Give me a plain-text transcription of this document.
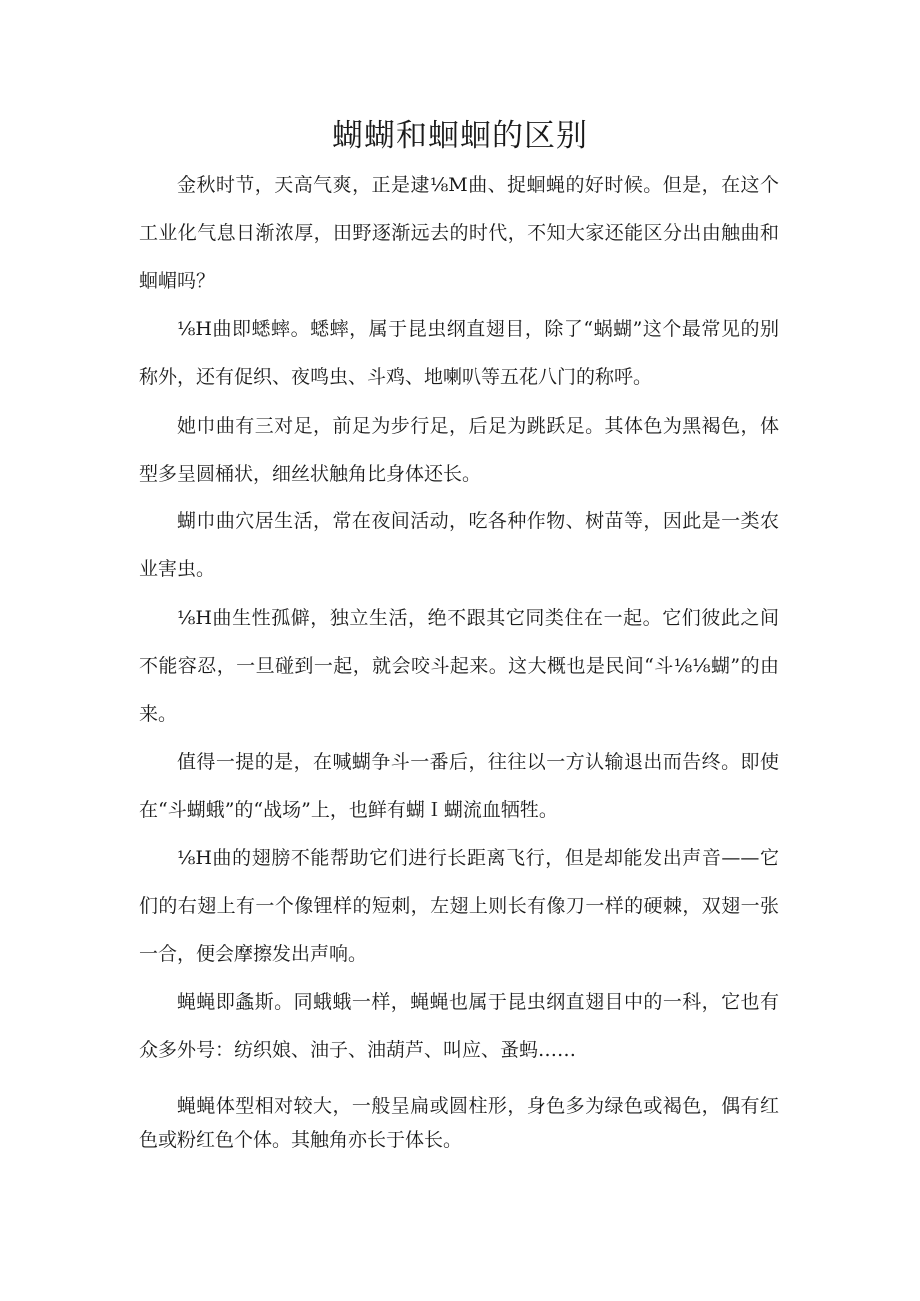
蝴蝴和蛔蛔的区别

金秋时节，天高气爽，正是逮⅛M曲、捉蛔蝇的好时候。但是，在这个工业化气息日渐浓厚，田野逐渐远去的时代，不知大家还能区分出由触曲和蛔嵋吗？

⅛H曲即蟋蟀。蟋蟀，属于昆虫纲直翅目，除了“蜗蝴”这个最常见的别称外，还有促织、夜鸣虫、斗鸡、地喇叭等五花八门的称呼。

她巾曲有三对足，前足为步行足，后足为跳跃足。其体色为黑褐色，体型多呈圆桶状，细丝状触角比身体还长。

蝴巾曲穴居生活，常在夜间活动，吃各种作物、树苗等，因此是一类农业害虫。

⅛H曲生性孤僻，独立生活，绝不跟其它同类住在一起。它们彼此之间不能容忍，一旦碰到一起，就会咬斗起来。这大概也是民间“斗⅛⅛蝴”的由来。

值得一提的是，在喊蝴争斗一番后，往往以一方认输退出而告终。即使在“斗蝴蛾”的“战场”上，也鲜有蝴Ｉ蝴流血牺牲。

⅛H曲的翅膀不能帮助它们进行长距离飞行，但是却能发出声音——它们的右翅上有一个像锂样的短刺，左翅上则长有像刀一样的硬棘，双翅一张一合，便会摩擦发出声响。

蝇蝇即螽斯。同蛾蛾一样，蝇蝇也属于昆虫纲直翅目中的一科，它也有众多外号：纺织娘、油子、油葫芦、叫应、蚤蚂……

蝇蝇体型相对较大，一般呈扁或圆柱形，身色多为绿色或褐色，偶有红色或粉红色个体。其触角亦长于体长。
